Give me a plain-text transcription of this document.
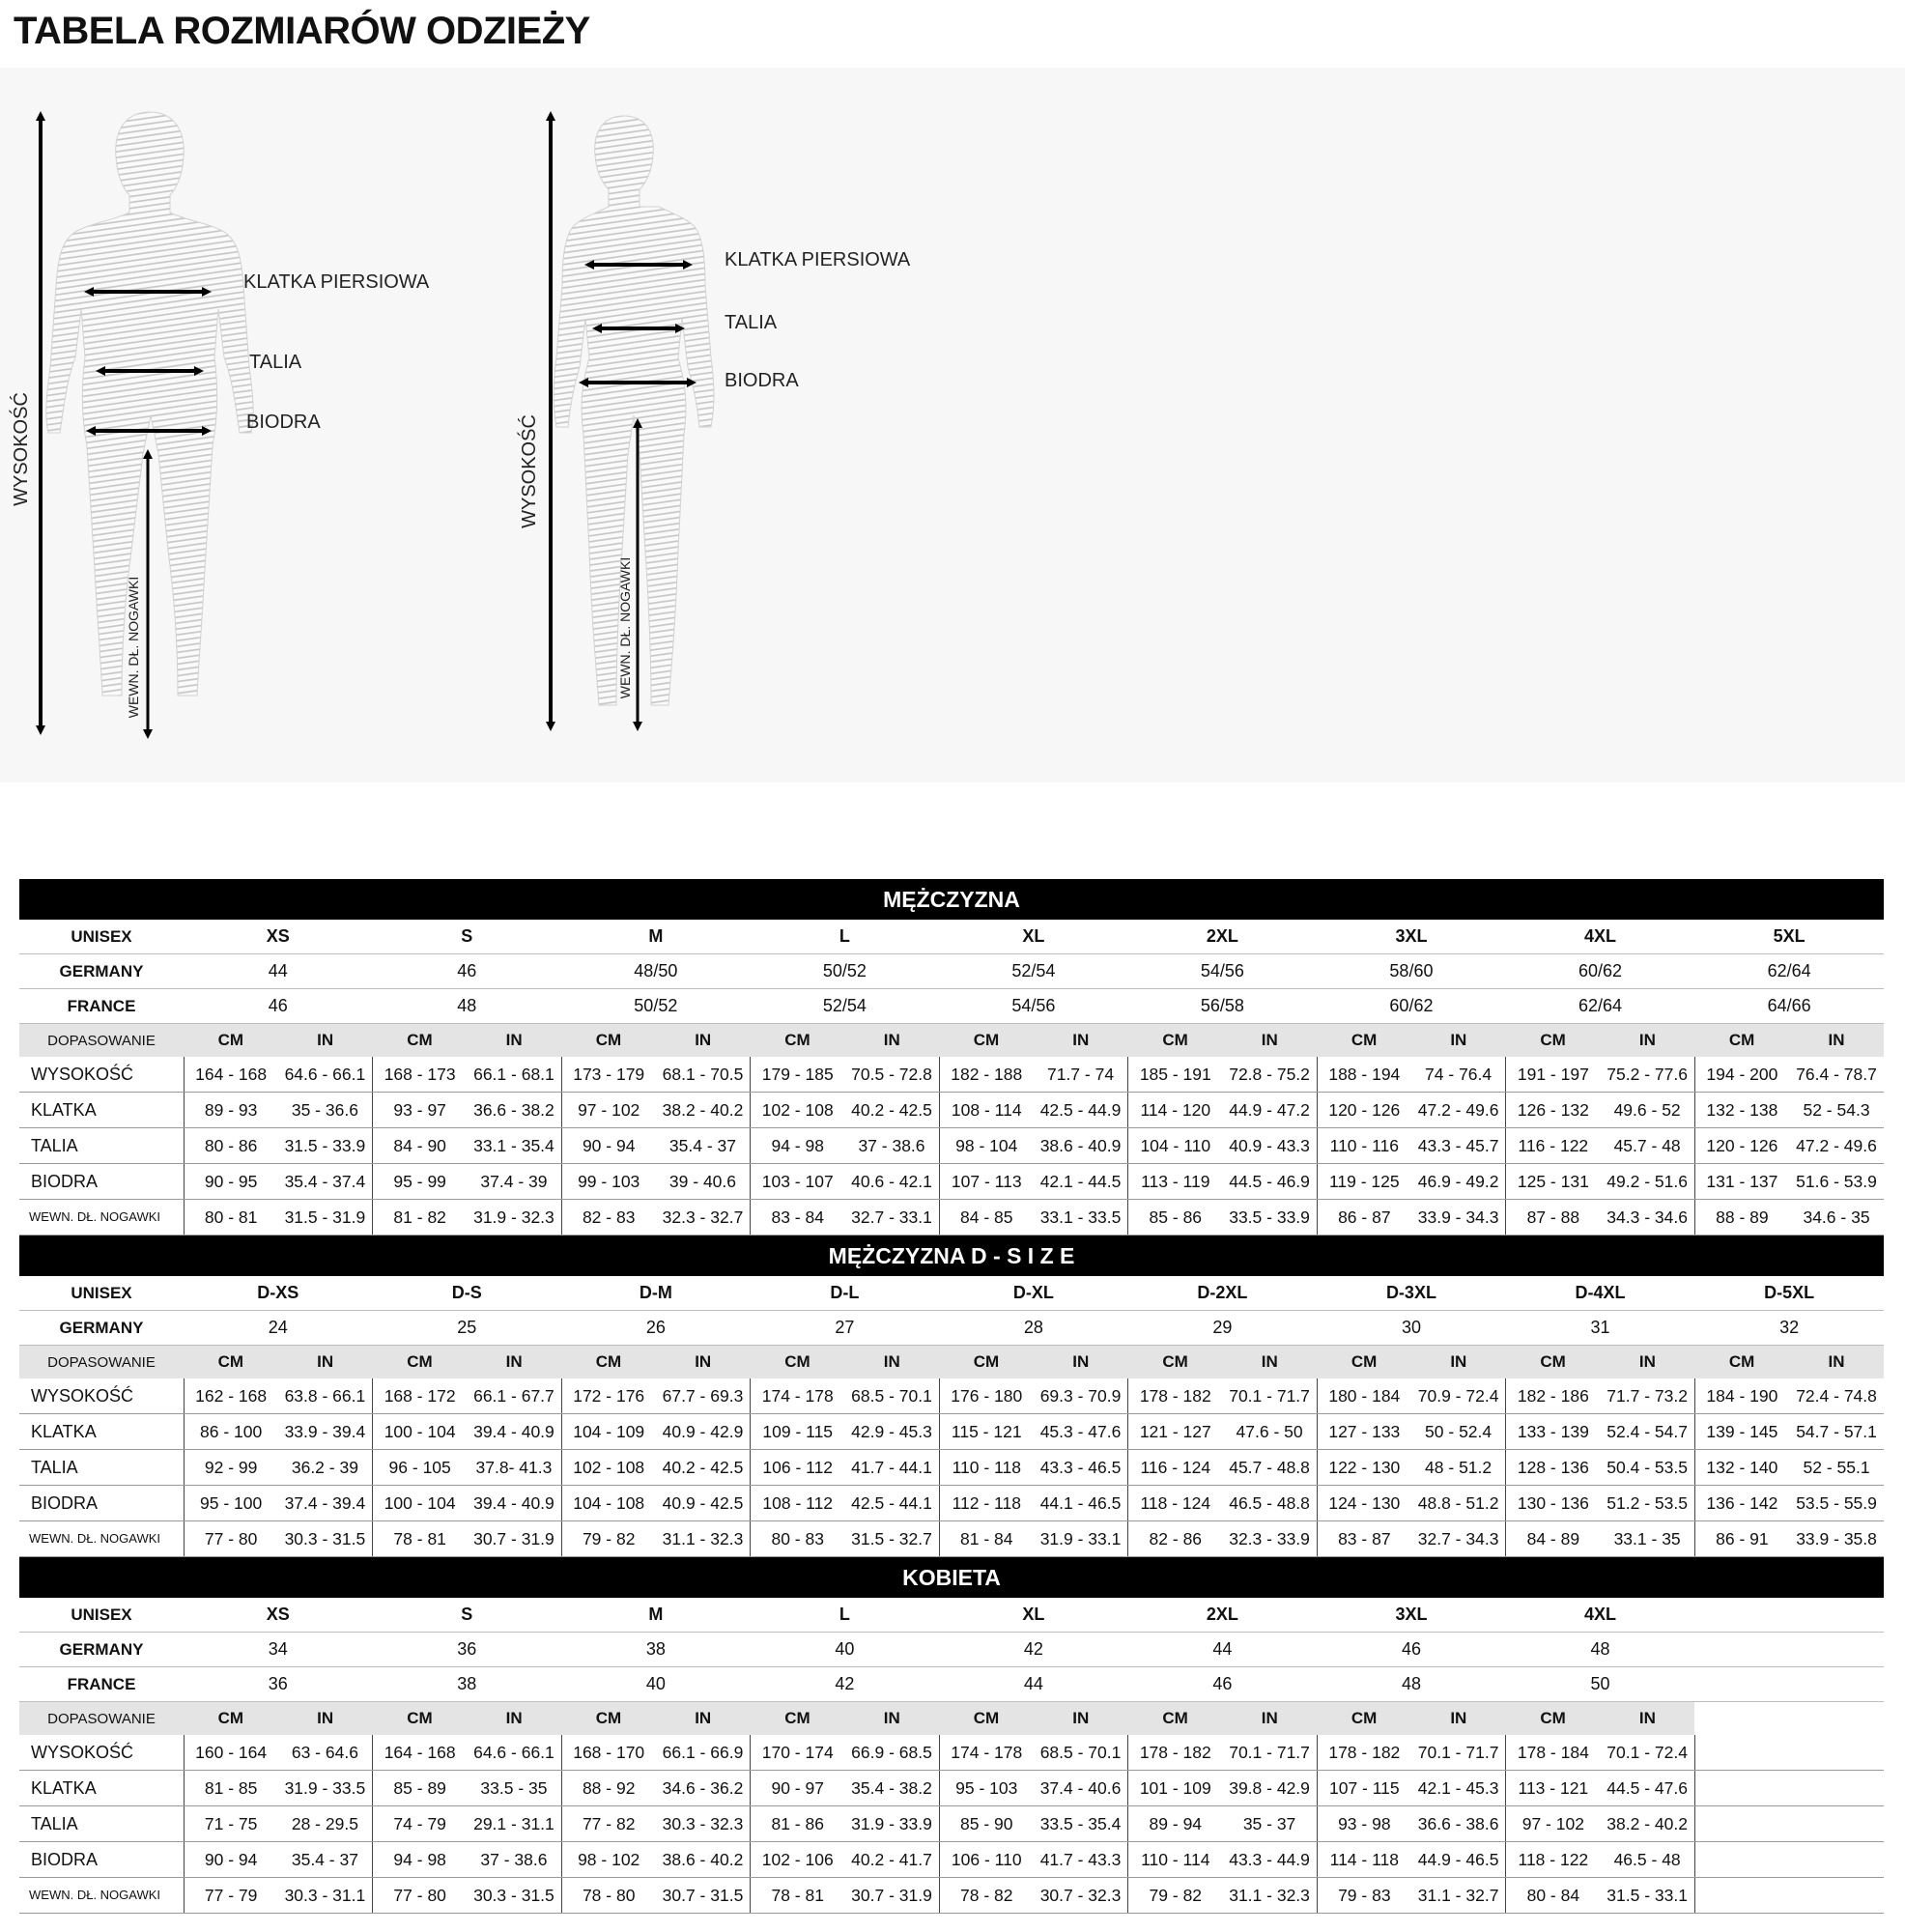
TABELA ROZMIARÓW ODZIEŻY
WYSOKOŚĆ
KLATKA PIERSIOWA
TALIA
BIODRA
WEWN. DŁ. NOGAWKI
WYSOKOŚĆ
KLATKA PIERSIOWA
TALIA
BIODRA
WEWN. DŁ. NOGAWKI
MĘŻCZYZNA																		
UNISEX	XS		S		M		L		XL		2XL		3XL		4XL		5XL	
GERMANY	44		46		48/50		50/52		52/54		54/56		58/60		60/62		62/64	
FRANCE	46		48		50/52		52/54		54/56		56/58		60/62		62/64		64/66	
DOPASOWANIE	CM	IN	CM	IN	CM	IN	CM	IN	CM	IN	CM	IN	CM	IN	CM	IN	CM	IN
WYSOKOŚĆ	164 - 168	64.6 - 66.1	168 - 173	66.1 - 68.1	173 - 179	68.1 - 70.5	179 - 185	70.5 - 72.8	182 - 188	71.7 - 74	185 - 191	72.8 - 75.2	188 - 194	74 - 76.4	191 - 197	75.2 - 77.6	194 - 200	76.4 - 78.7
KLATKA	89 - 93	35 - 36.6	93 - 97	36.6 - 38.2	97 - 102	38.2 - 40.2	102 - 108	40.2 - 42.5	108 - 114	42.5 - 44.9	114 - 120	44.9 - 47.2	120 - 126	47.2 - 49.6	126 - 132	49.6 - 52	132 - 138	52 - 54.3
TALIA	80 - 86	31.5 - 33.9	84 - 90	33.1 - 35.4	90 - 94	35.4 - 37	94 - 98	37 - 38.6	98 - 104	38.6 - 40.9	104 - 110	40.9 - 43.3	110 - 116	43.3 - 45.7	116 - 122	45.7 - 48	120 - 126	47.2 - 49.6
BIODRA	90 - 95	35.4 - 37.4	95 - 99	37.4 - 39	99 - 103	39 - 40.6	103 - 107	40.6 - 42.1	107 - 113	42.1 - 44.5	113 - 119	44.5 - 46.9	119 - 125	46.9 - 49.2	125 - 131	49.2 - 51.6	131 - 137	51.6 - 53.9
WEWN. DŁ. NOGAWKI	80 - 81	31.5 - 31.9	81 - 82	31.9 - 32.3	82 - 83	32.3 - 32.7	83 - 84	32.7 - 33.1	84 - 85	33.1 - 33.5	85 - 86	33.5 - 33.9	86 - 87	33.9 - 34.3	87 - 88	34.3 - 34.6	88 - 89	34.6 - 35
MĘŻCZYZNA D - S I Z E																		
UNISEX	D-XS		D-S		D-M		D-L		D-XL		D-2XL		D-3XL		D-4XL		D-5XL	
GERMANY	24		25		26		27		28		29		30		31		32	
DOPASOWANIE	CM	IN	CM	IN	CM	IN	CM	IN	CM	IN	CM	IN	CM	IN	CM	IN	CM	IN
WYSOKOŚĆ	162 - 168	63.8 - 66.1	168 - 172	66.1 - 67.7	172 - 176	67.7 - 69.3	174 - 178	68.5 - 70.1	176 - 180	69.3 - 70.9	178 - 182	70.1 - 71.7	180 - 184	70.9 - 72.4	182 - 186	71.7 - 73.2	184 - 190	72.4 - 74.8
KLATKA	86 - 100	33.9 - 39.4	100 - 104	39.4 - 40.9	104 - 109	40.9 - 42.9	109 - 115	42.9 - 45.3	115 - 121	45.3 - 47.6	121 - 127	47.6 - 50	127 - 133	50 - 52.4	133 - 139	52.4 - 54.7	139 - 145	54.7 - 57.1
TALIA	92 - 99	36.2 - 39	96 - 105	37.8- 41.3	102 - 108	40.2 - 42.5	106 - 112	41.7 - 44.1	110 - 118	43.3 - 46.5	116 - 124	45.7 - 48.8	122 - 130	48 - 51.2	128 - 136	50.4 - 53.5	132 - 140	52 - 55.1
BIODRA	95 - 100	37.4 - 39.4	100 - 104	39.4 - 40.9	104 - 108	40.9 - 42.5	108 - 112	42.5 - 44.1	112 - 118	44.1 - 46.5	118 - 124	46.5 - 48.8	124 - 130	48.8 - 51.2	130 - 136	51.2 - 53.5	136 - 142	53.5 - 55.9
WEWN. DŁ. NOGAWKI	77 - 80	30.3 - 31.5	78 - 81	30.7 - 31.9	79 - 82	31.1 - 32.3	80 - 83	31.5 - 32.7	81 - 84	31.9 - 33.1	82 - 86	32.3 - 33.9	83 - 87	32.7 - 34.3	84 - 89	33.1 - 35	86 - 91	33.9 - 35.8
KOBIETA																	
UNISEX	XS		S		M		L		XL		2XL		3XL		4XL		
GERMANY	34		36		38		40		42		44		46		48		
FRANCE	36		38		40		42		44		46		48		50		
DOPASOWANIE	CM	IN	CM	IN	CM	IN	CM	IN	CM	IN	CM	IN	CM	IN	CM	IN	
WYSOKOŚĆ	160 - 164	63 - 64.6	164 - 168	64.6 - 66.1	168 - 170	66.1 - 66.9	170 - 174	66.9 - 68.5	174 - 178	68.5 - 70.1	178 - 182	70.1 - 71.7	178 - 182	70.1 - 71.7	178 - 184	70.1 - 72.4	
KLATKA	81 - 85	31.9 - 33.5	85 - 89	33.5 - 35	88 - 92	34.6 - 36.2	90 - 97	35.4 - 38.2	95 - 103	37.4 - 40.6	101 - 109	39.8 - 42.9	107 - 115	42.1 - 45.3	113 - 121	44.5 - 47.6	
TALIA	71 - 75	28 - 29.5	74 - 79	29.1 - 31.1	77 - 82	30.3 - 32.3	81 - 86	31.9 - 33.9	85 - 90	33.5 - 35.4	89 - 94	35 - 37	93 - 98	36.6 - 38.6	97 - 102	38.2 - 40.2	
BIODRA	90 - 94	35.4 - 37	94 - 98	37 - 38.6	98 - 102	38.6 - 40.2	102 - 106	40.2 - 41.7	106 - 110	41.7 - 43.3	110 - 114	43.3 - 44.9	114 - 118	44.9 - 46.5	118 - 122	46.5 - 48	
WEWN. DŁ. NOGAWKI	77 - 79	30.3 - 31.1	77 - 80	30.3 - 31.5	78 - 80	30.7 - 31.5	78 - 81	30.7 - 31.9	78 - 82	30.7 - 32.3	79 - 82	31.1 - 32.3	79 - 83	31.1 - 32.7	80 - 84	31.5 - 33.1	
